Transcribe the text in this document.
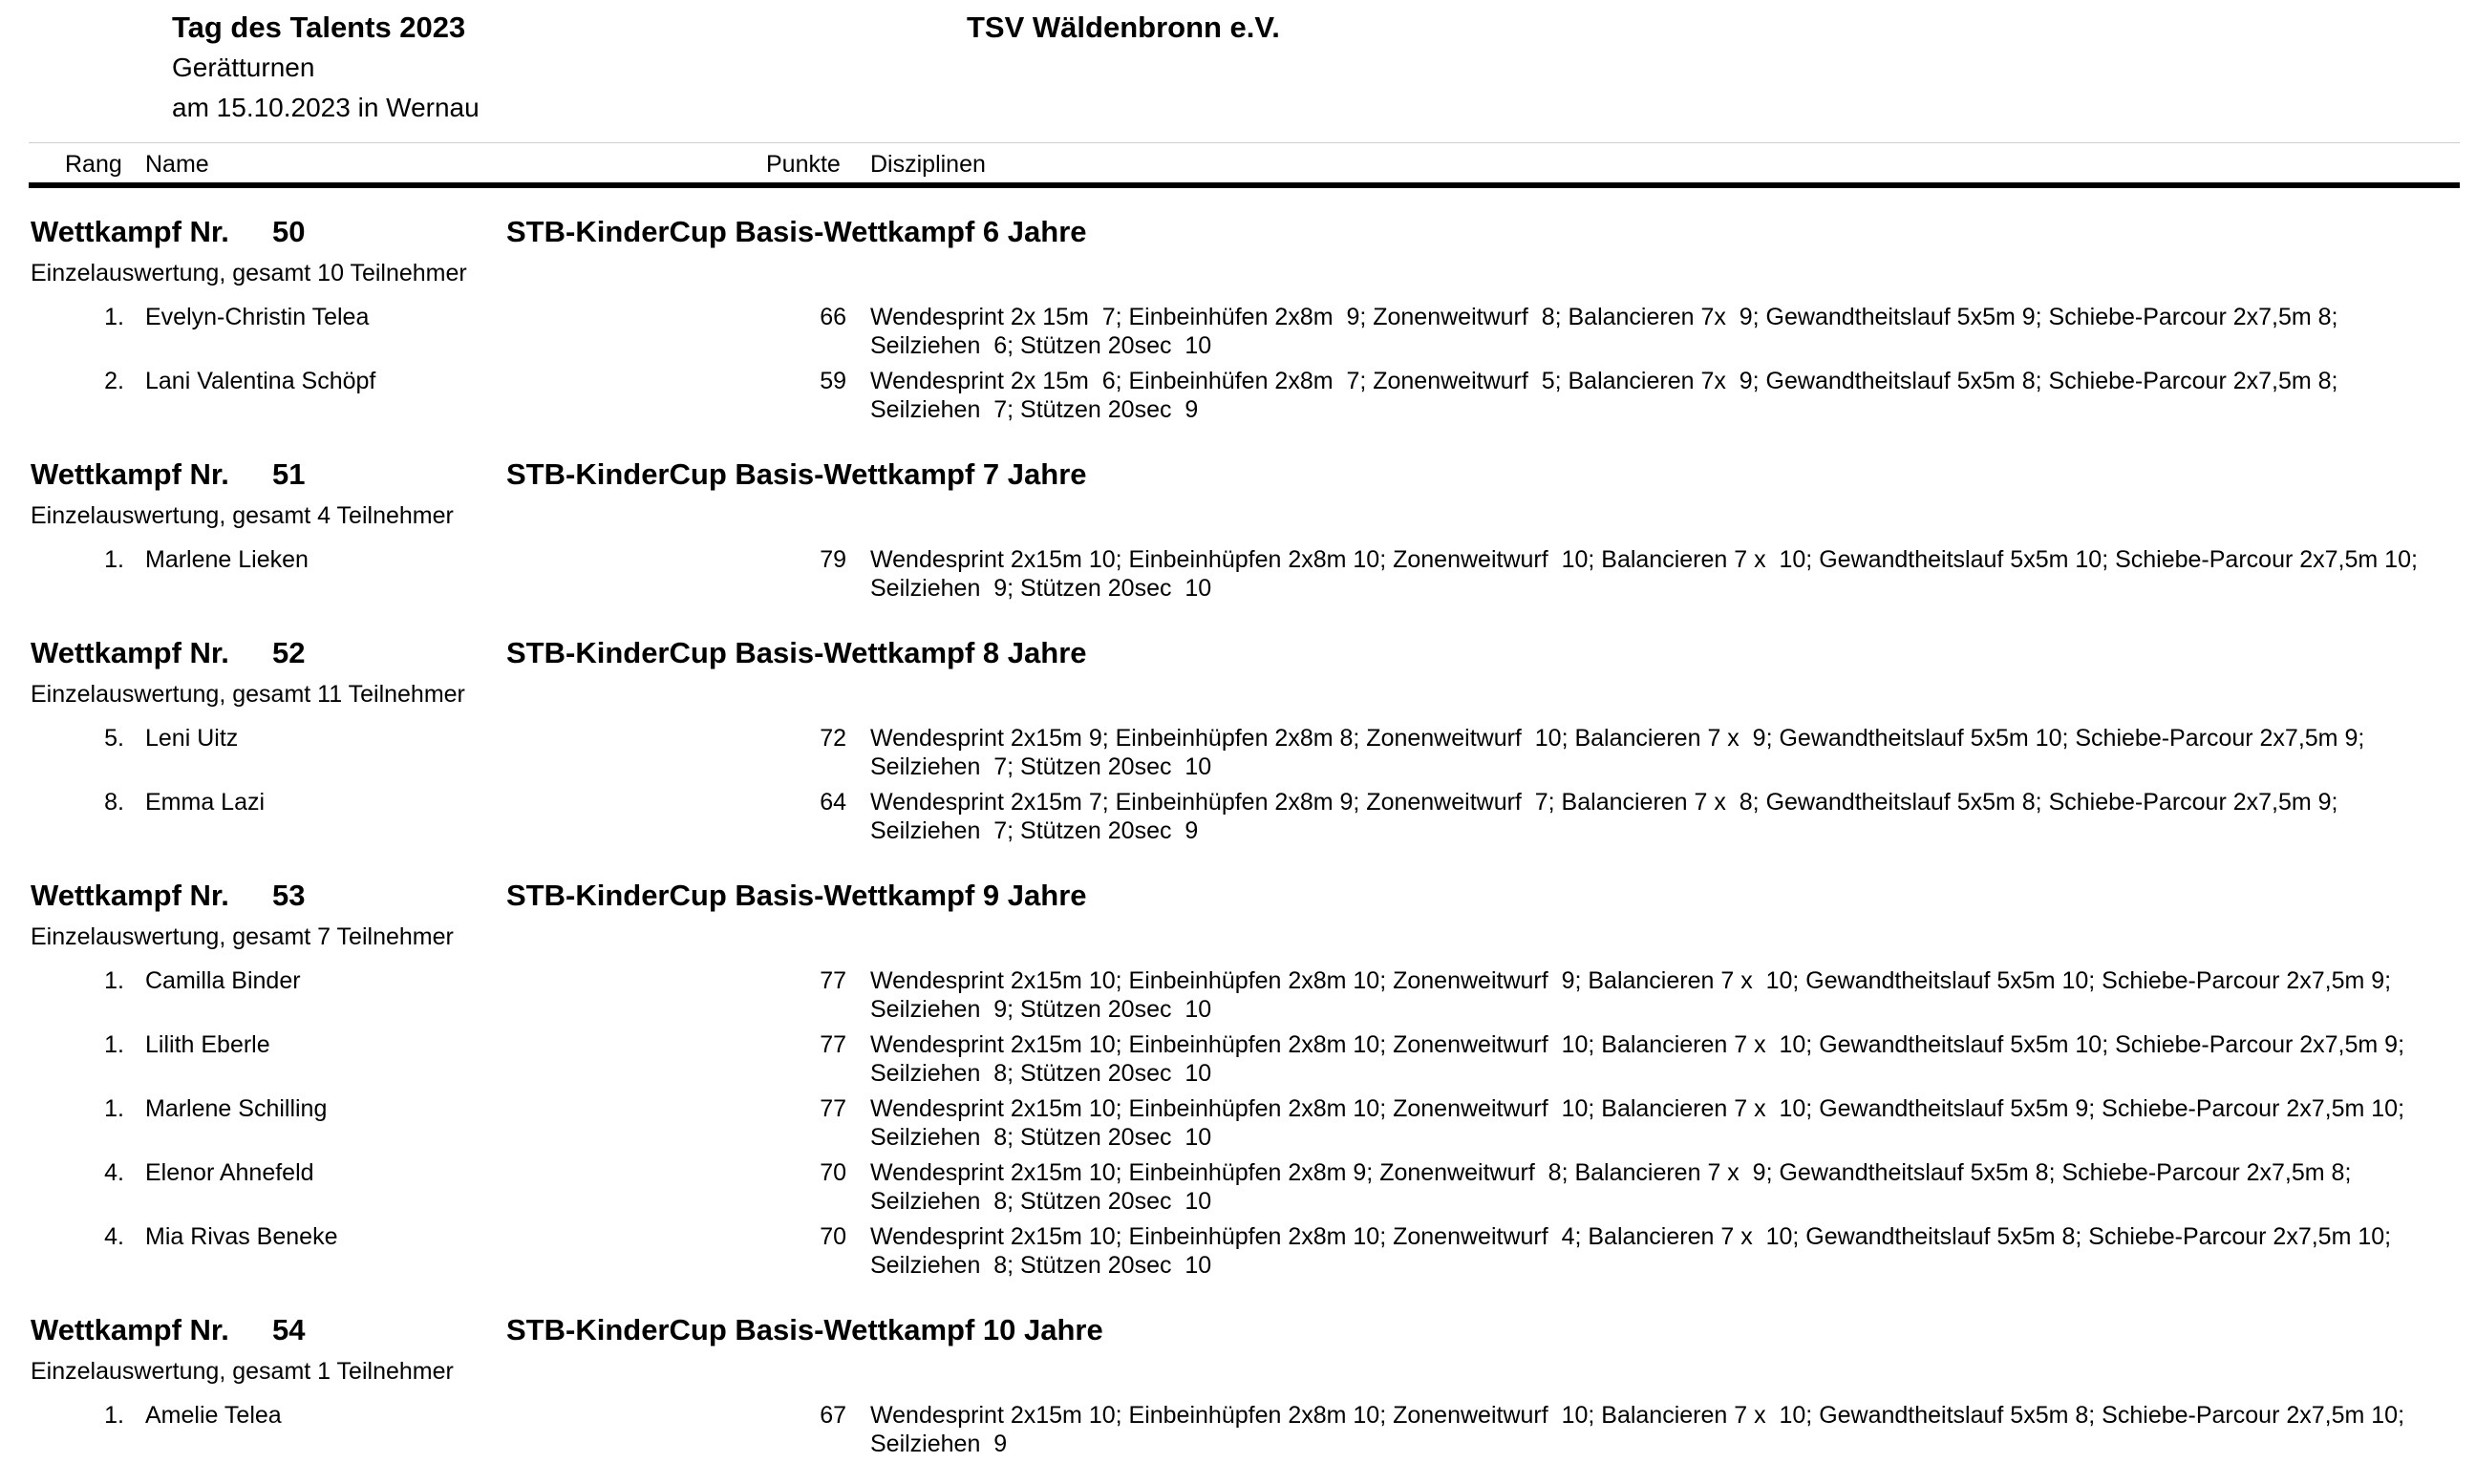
Tag des Talents 2023
Gerätturnen
am 15.10.2023 in Wernau
TSV Wäldenbronn e.V.
Rang Name	Punkte Disziplinen
Wettkampf Nr. 50	STB-KinderCup Basis-Wettkampf 6 Jahre
Einzelauswertung, gesamt 10 Teilnehmer
1. Evelyn-Christin Telea	66 Wendesprint 2x 15m  7; Einbeinhüfen 2x8m  9; Zonenweitwurf  8; Balancieren 7x  9; Gewandtheitslauf 5x5m 9; Schiebe-Parcour 2x7,5m 8; Seilziehen  6; Stützen 20sec  10
2. Lani Valentina Schöpf	59 Wendesprint 2x 15m  6; Einbeinhüfen 2x8m  7; Zonenweitwurf  5; Balancieren 7x  9; Gewandtheitslauf 5x5m 8; Schiebe-Parcour 2x7,5m 8; Seilziehen  7; Stützen 20sec  9
Wettkampf Nr. 51	STB-KinderCup Basis-Wettkampf 7 Jahre
Einzelauswertung, gesamt 4 Teilnehmer
1. Marlene Lieken	79 Wendesprint 2x15m 10; Einbeinhüpfen 2x8m 10; Zonenweitwurf  10; Balancieren 7 x  10; Gewandtheitslauf 5x5m 10; Schiebe-Parcour 2x7,5m 10; Seilziehen  9; Stützen 20sec  10
Wettkampf Nr. 52	STB-KinderCup Basis-Wettkampf 8 Jahre
Einzelauswertung, gesamt 11 Teilnehmer
5. Leni Uitz	72 Wendesprint 2x15m 9; Einbeinhüpfen 2x8m 8; Zonenweitwurf  10; Balancieren 7 x  9; Gewandtheitslauf 5x5m 10; Schiebe-Parcour 2x7,5m 9; Seilziehen  7; Stützen 20sec  10
8. Emma Lazi	64 Wendesprint 2x15m 7; Einbeinhüpfen 2x8m 9; Zonenweitwurf  7; Balancieren 7 x  8; Gewandtheitslauf 5x5m 8; Schiebe-Parcour 2x7,5m 9; Seilziehen  7; Stützen 20sec  9
Wettkampf Nr. 53	STB-KinderCup Basis-Wettkampf 9 Jahre
Einzelauswertung, gesamt 7 Teilnehmer
1. Camilla Binder	77 Wendesprint 2x15m 10; Einbeinhüpfen 2x8m 10; Zonenweitwurf  9; Balancieren 7 x  10; Gewandtheitslauf 5x5m 10; Schiebe-Parcour 2x7,5m 9; Seilziehen  9; Stützen 20sec  10
1. Lilith Eberle	77 Wendesprint 2x15m 10; Einbeinhüpfen 2x8m 10; Zonenweitwurf  10; Balancieren 7 x  10; Gewandtheitslauf 5x5m 10; Schiebe-Parcour 2x7,5m 9; Seilziehen  8; Stützen 20sec  10
1. Marlene Schilling	77 Wendesprint 2x15m 10; Einbeinhüpfen 2x8m 10; Zonenweitwurf  10; Balancieren 7 x  10; Gewandtheitslauf 5x5m 9; Schiebe-Parcour 2x7,5m 10; Seilziehen  8; Stützen 20sec  10
4. Elenor Ahnefeld	70 Wendesprint 2x15m 10; Einbeinhüpfen 2x8m 9; Zonenweitwurf  8; Balancieren 7 x  9; Gewandtheitslauf 5x5m 8; Schiebe-Parcour 2x7,5m 8; Seilziehen  8; Stützen 20sec  10
4. Mia Rivas Beneke	70 Wendesprint 2x15m 10; Einbeinhüpfen 2x8m 10; Zonenweitwurf  4; Balancieren 7 x  10; Gewandtheitslauf 5x5m 8; Schiebe-Parcour 2x7,5m 10; Seilziehen  8; Stützen 20sec  10
Wettkampf Nr. 54	STB-KinderCup Basis-Wettkampf 10 Jahre
Einzelauswertung, gesamt 1 Teilnehmer
1. Amelie Telea	67 Wendesprint 2x15m 10; Einbeinhüpfen 2x8m 10; Zonenweitwurf  10; Balancieren 7 x  10; Gewandtheitslauf 5x5m 8; Schiebe-Parcour 2x7,5m 10; Seilziehen  9
